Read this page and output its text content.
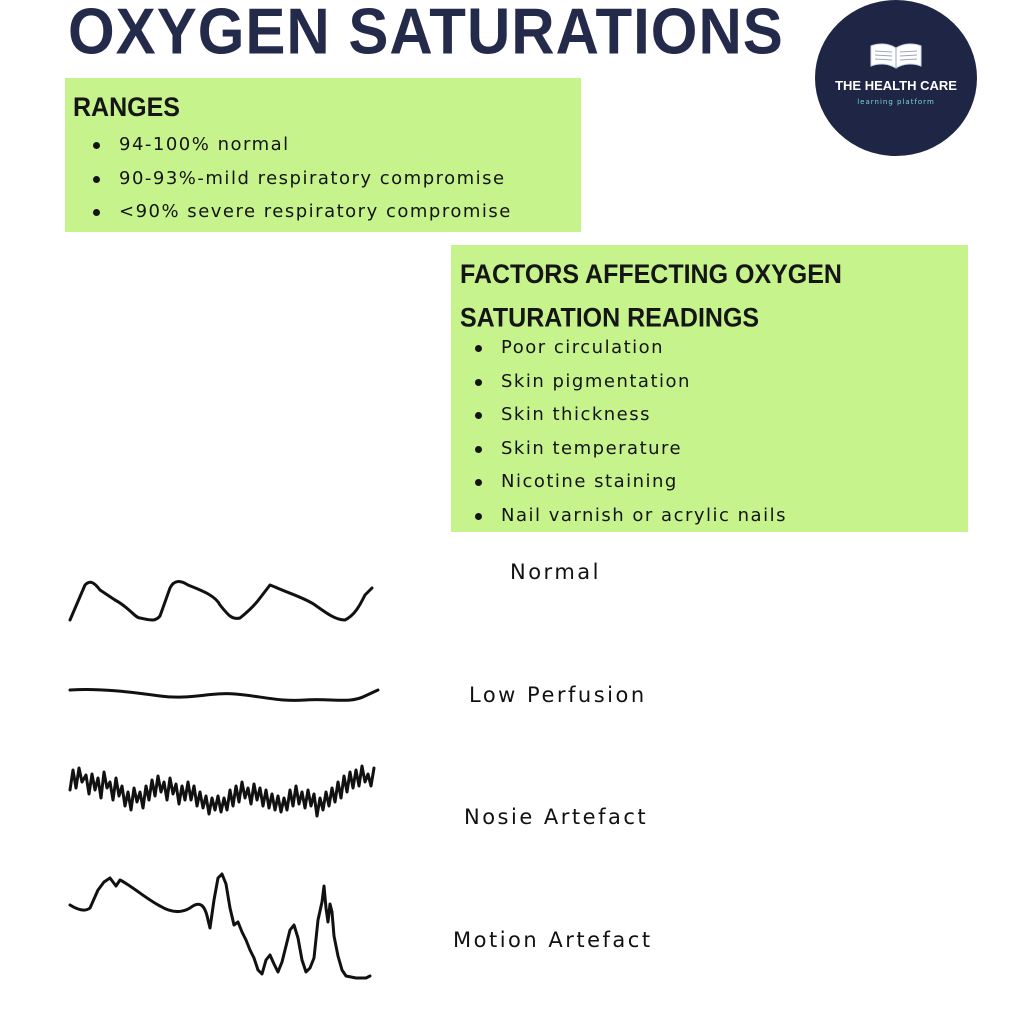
OXYGEN SATURATIONS
THE HEALTH CARE
learning platform
RANGES
94-100% normal
90-93%-mild respiratory compromise
<90% severe respiratory compromise
FACTORS AFFECTING OXYGEN SATURATION READINGS
Poor circulation
Skin pigmentation
Skin thickness
Skin temperature
Nicotine staining
Nail varnish or acrylic nails
Normal
Low Perfusion
Nosie Artefact
Motion Artefact
